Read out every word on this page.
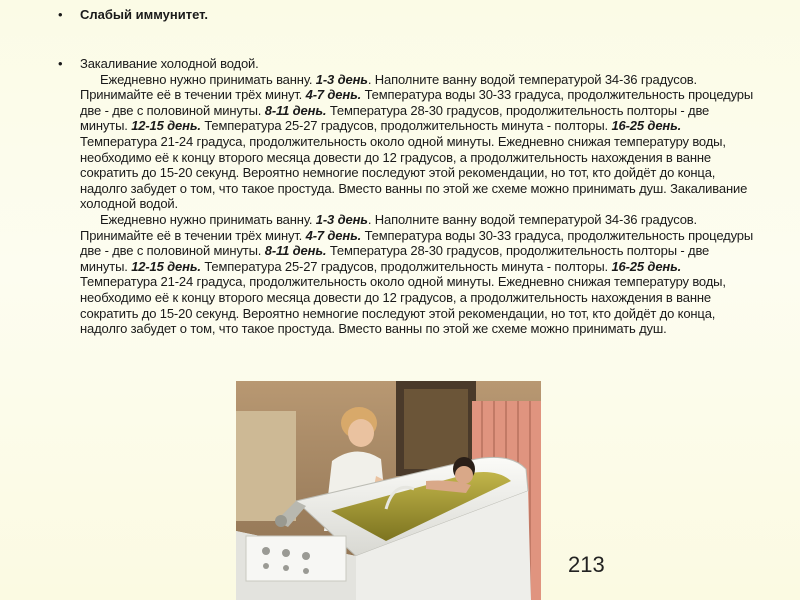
• Слабый иммунитет.
• Закаливание холодной водой.

Ежедневно нужно принимать ванну. 1-3 день. Наполните ванну водой температурой 34-36 градусов. Принимайте её в течении трёх минут. 4-7 день. Температура воды 30-33 градуса, продолжительность процедуры две - две с половиной минуты. 8-11 день. Температура 28-30 градусов, продолжительность полторы - две минуты. 12-15 день. Температура 25-27 градусов, продолжительность минута - полторы. 16-25 день. Температура 21-24 градуса, продолжительность около одной минуты. Ежедневно снижая температуру воды, необходимо её к концу второго месяца довести до 12 градусов, а продолжительность нахождения в ванне сократить до 15-20 секунд. Вероятно немногие последуют этой рекомендации, но тот, кто дойдёт до конца, надолго забудет о том, что такое простуда. Вместо ванны по этой же схеме можно принимать душ. Закаливание холодной водой.

Ежедневно нужно принимать ванну. 1-3 день. Наполните ванну водой температурой 34-36 градусов. Принимайте её в течении трёх минут. 4-7 день. Температура воды 30-33 градуса, продолжительность процедуры две - две с половиной минуты. 8-11 день. Температура 28-30 градусов, продолжительность полторы - две минуты. 12-15 день. Температура 25-27 градусов, продолжительность минута - полторы. 16-25 день. Температура 21-24 градуса, продолжительность около одной минуты. Ежедневно снижая температуру воды, необходимо её к концу второго месяца довести до 12 градусов, а продолжительность нахождения в ванне сократить до 15-20 секунд. Вероятно немногие последуют этой рекомендации, но тот, кто дойдёт до конца, надолго забудет о том, что такое простуда. Вместо ванны по этой же схеме можно принимать душ.

213
